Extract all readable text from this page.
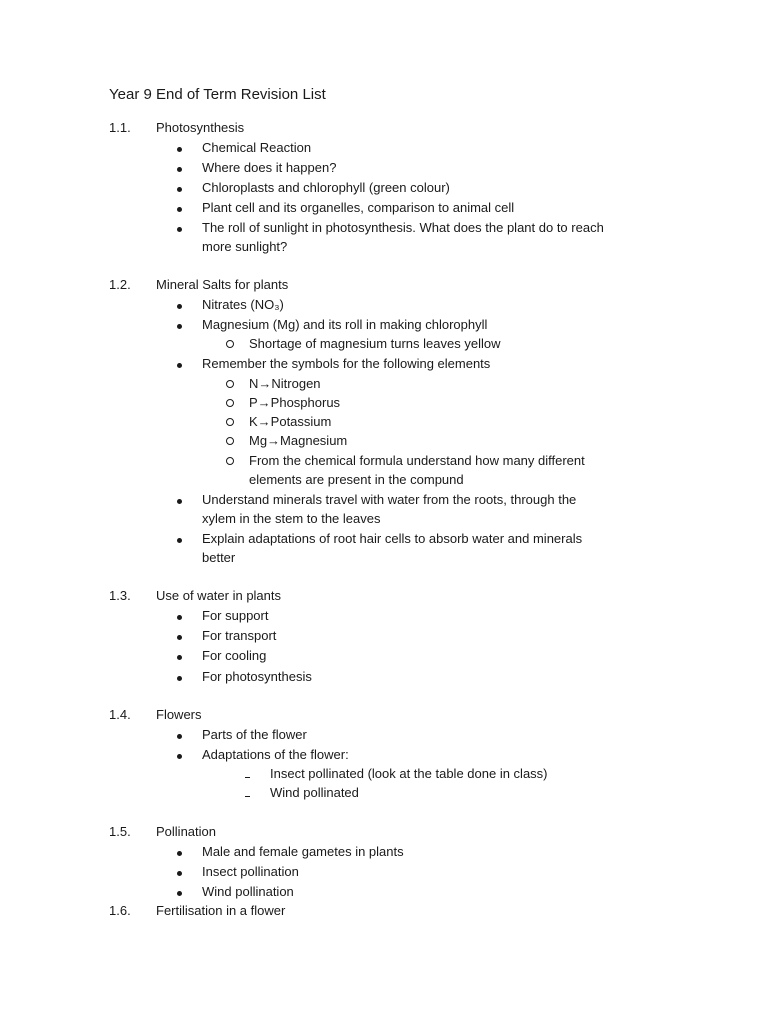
Year 9 End of Term Revision List
1.1. Photosynthesis
Chemical Reaction
Where does it happen?
Chloroplasts and chlorophyll (green colour)
Plant cell and its organelles, comparison to animal cell
The roll of sunlight in photosynthesis. What does the plant do to reach
more sunlight?
1.2. Mineral Salts for plants
Nitrates (NO₃)
Magnesium (Mg) and its roll in making chlorophyll
Shortage of magnesium turns leaves yellow
Remember the symbols for the following elements
N→Nitrogen
P→Phosphorus
K→Potassium
Mg→Magnesium
From the chemical formula understand how many different
elements are present in the compund
Understand minerals travel with water from the roots, through the
xylem in the stem to the leaves
Explain adaptations of root hair cells to absorb water and minerals
better
1.3. Use of water in plants
For support
For transport
For cooling
For photosynthesis
1.4. Flowers
Parts of the flower
Adaptations of the flower:
Insect pollinated (look at the table done in class)
Wind pollinated
1.5. Pollination
Male and female gametes in plants
Insect pollination
Wind pollination
1.6. Fertilisation in a flower
